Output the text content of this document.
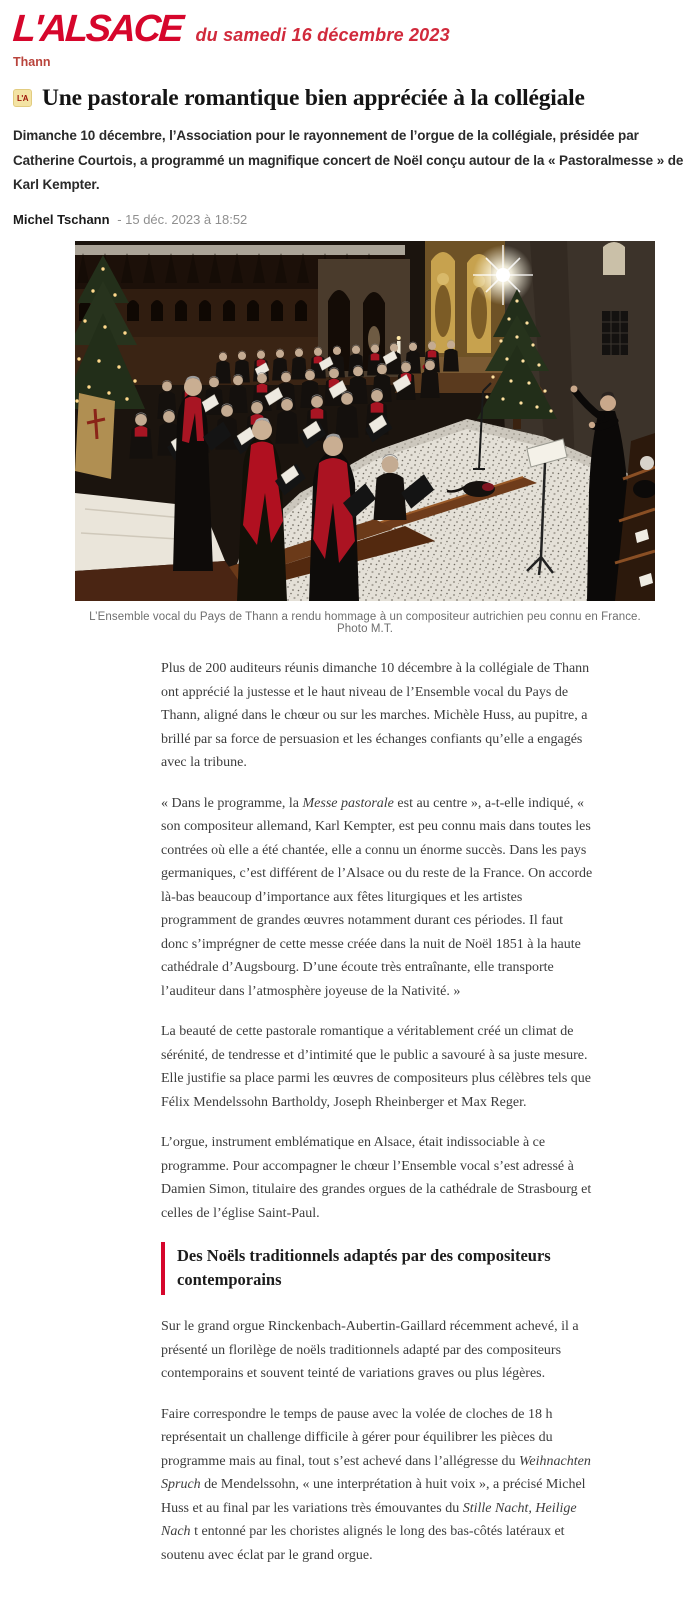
L'ALSACE du samedi 16 décembre 2023
Thann
L'A Une pastorale romantique bien appréciée à la collégiale

Dimanche 10 décembre, l’Association pour le rayonnement de l’orgue de la collégiale, présidée par Catherine Courtois, a programmé un magnifique concert de Noël conçu autour de la « Pastoralmesse » de Karl Kempter.

Michel Tschann - 15 déc. 2023 à 18:52
L’Ensemble vocal du Pays de Thann a rendu hommage à un compositeur autrichien peu connu en France. Photo M.T.

Plus de 200 auditeurs réunis dimanche 10 décembre à la collégiale de Thann ont apprécié la justesse et le haut niveau de l’Ensemble vocal du Pays de Thann, aligné dans le chœur ou sur les marches. Michèle Huss, au pupitre, a brillé par sa force de persuasion et les échanges confiants qu’elle a engagés avec la tribune.

« Dans le programme, la Messe pastorale est au centre », a-t-elle indiqué, « son compositeur allemand, Karl Kempter, est peu connu mais dans toutes les contrées où elle a été chantée, elle a connu un énorme succès. Dans les pays germaniques, c’est différent de l’Alsace ou du reste de la France. On accorde là-bas beaucoup d’importance aux fêtes liturgiques et les artistes programment de grandes œuvres notamment durant ces périodes. Il faut donc s’imprégner de cette messe créée dans la nuit de Noël 1851 à la haute cathédrale d’Augsbourg. D’une écoute très entraînante, elle transporte l’auditeur dans l’atmosphère joyeuse de la Nativité. »

La beauté de cette pastorale romantique a véritablement créé un climat de sérénité, de tendresse et d’intimité que le public a savouré à sa juste mesure. Elle justifie sa place parmi les œuvres de compositeurs plus célèbres tels que Félix Mendelssohn Bartholdy, Joseph Rheinberger et Max Reger.

L’orgue, instrument emblématique en Alsace, était indissociable à ce programme. Pour accompagner le chœur l’Ensemble vocal s’est adressé à Damien Simon, titulaire des grandes orgues de la cathédrale de Strasbourg et celles de l’église Saint-Paul.

Des Noëls traditionnels adaptés par des compositeurs contemporains

Sur le grand orgue Rinckenbach-Aubertin-Gaillard récemment achevé, il a présenté un florilège de noëls traditionnels adapté par des compositeurs contemporains et souvent teinté de variations graves ou plus légères.

Faire correspondre le temps de pause avec la volée de cloches de 18 h représentait un challenge difficile à gérer pour équilibrer les pièces du programme mais au final, tout s’est achevé dans l’allégresse du Weihnachten Spruch de Mendelssohn, « une interprétation à huit voix », a précisé Michel Huss et au final par les variations très émouvantes du Stille Nacht, Heilige Nach t entonné par les choristes alignés le long des bas-côtés latéraux et soutenu avec éclat par le grand orgue.
